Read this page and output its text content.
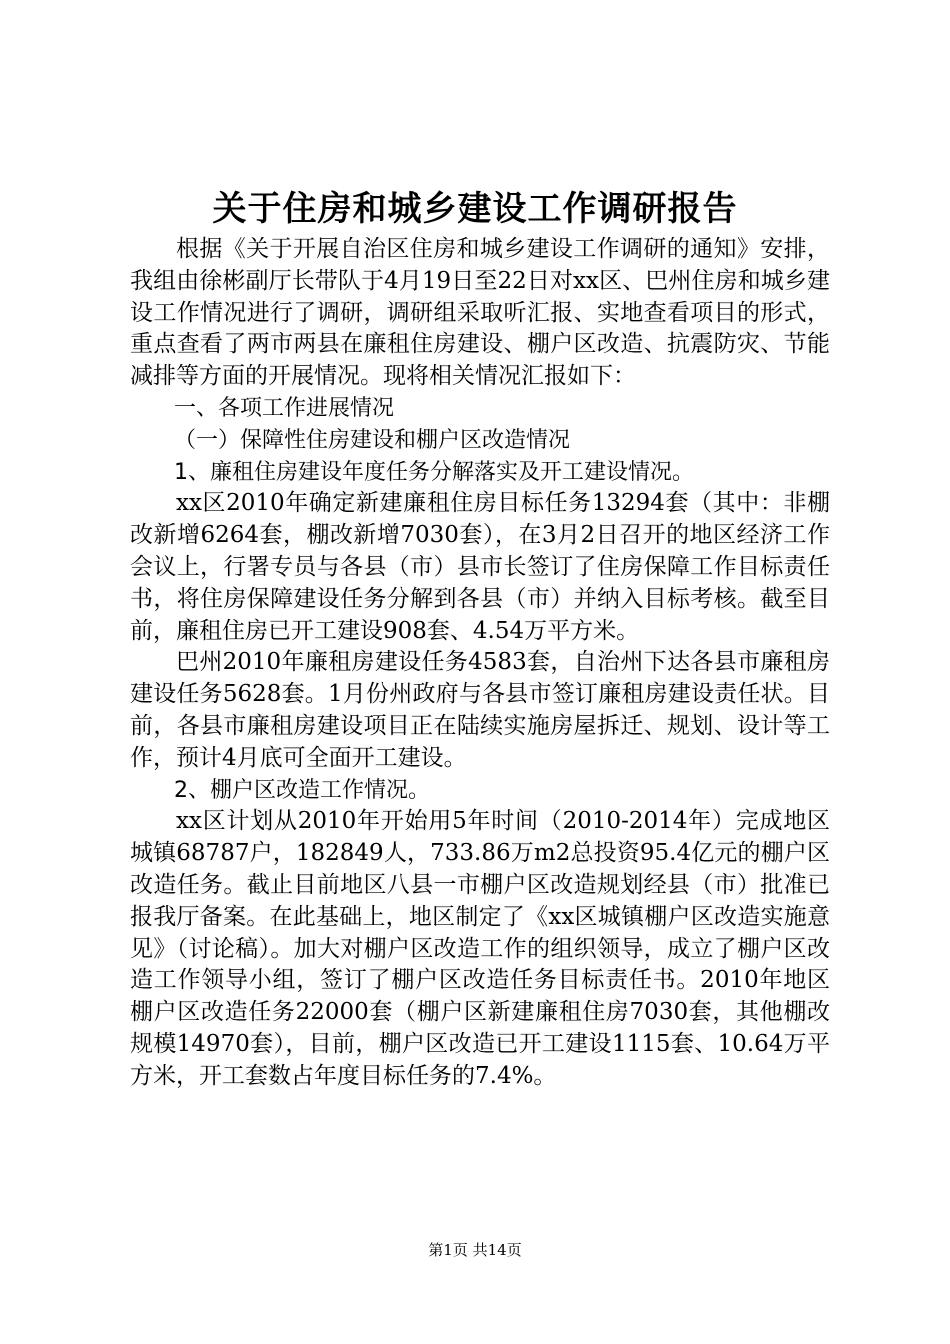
关于住房和城乡建设工作调研报告

根据《关于开展自治区住房和城乡建设工作调研的通知》安排，我组由徐彬副厅长带队于4月19日至22日对xx区、巴州住房和城乡建设工作情况进行了调研，调研组采取听汇报、实地查看项目的形式，重点查看了两市两县在廉租住房建设、棚户区改造、抗震防灾、节能减排等方面的开展情况。现将相关情况汇报如下：

一、各项工作进展情况

（一）保障性住房建设和棚户区改造情况

1、廉租住房建设年度任务分解落实及开工建设情况。

xx区2010年确定新建廉租住房目标任务13294套（其中：非棚改新增6264套，棚改新增7030套），在3月2日召开的地区经济工作会议上，行署专员与各县（市）县市长签订了住房保障工作目标责任书，将住房保障建设任务分解到各县（市）并纳入目标考核。截至目前，廉租住房已开工建设908套、4.54万平方米。

巴州2010年廉租房建设任务4583套，自治州下达各县市廉租房建设任务5628套。1月份州政府与各县市签订廉租房建设责任状。目前，各县市廉租房建设项目正在陆续实施房屋拆迁、规划、设计等工作，预计4月底可全面开工建设。

2、棚户区改造工作情况。

xx区计划从2010年开始用5年时间（2010-2014年）完成地区城镇68787户，182849人，733.86万m2总投资95.4亿元的棚户区改造任务。截止目前地区八县一市棚户区改造规划经县（市）批准已报我厅备案。在此基础上，地区制定了《xx区城镇棚户区改造实施意见》（讨论稿）。加大对棚户区改造工作的组织领导，成立了棚户区改造工作领导小组，签订了棚户区改造任务目标责任书。2010年地区棚户区改造任务22000套（棚户区新建廉租住房7030套，其他棚改规模14970套），目前，棚户区改造已开工建设1115套、10.64万平方米，开工套数占年度目标任务的7.4%。

第1页 共14页
